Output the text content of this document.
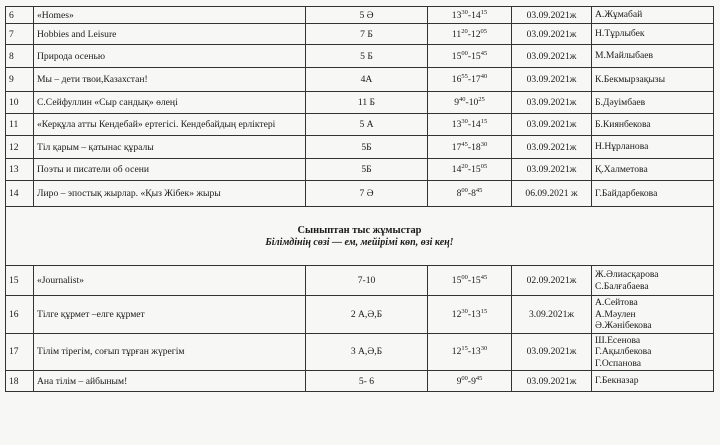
6	«Homes»	5 Ә	$13^{30}-14^{15}$	03.09.2021ж	А.Жұмабай

7	Hobbies and Leisure	7 Б	$11^{20}-12^{05}$	03.09.2021ж	Н.Тұрлыбек

8	Природа осенью	5 Б	$15^{00}-15^{45}$	03.09.2021ж	М.Майлыбаев

9	Мы – дети твои,Казахстан!	4А	$16^{55}-17^{40}$	03.09.2021ж	К.Бекмырзақызы

10	С.Сейфуллин «Сыр сандық» өлеңі	11 Б	$9^{40}-10^{25}$	03.09.2021ж	Б.Дәуімбаев

11	«Керқұла атты Кендебай» ертегісі. Кендебайдың ерліктері	5 А	$13^{30}-14^{15}$	03.09.2021ж	Б.Киянбекова

12	Тіл қарым – қатынас құралы	5Б	$17^{45}-18^{30}$	03.09.2021ж	Н.Нұрланова

13	Поэты и писатели об осени	5Б	$14^{20}-15^{05}$	03.09.2021ж	Қ.Халметова

14	Лиро – эпостық жырлар. «Қыз Жібек» жыры	7 Ә	$8^{00}-8^{45}$	06.09.2021 ж	Г.Байдарбекова

Сыныптан тыс жұмыстар
Білімдінің сөзі — ем, мейірімі көп, өзі кең!					

15	«Journalist»	7-10	$15^{00}-15^{45}$	02.09.2021ж	Ж.Әлиасқарова
С.Балғабаева

16	Тілге құрмет –елге құрмет	2 А,Ә,Б	$12^{30}-13^{15}$	3.09.2021ж	А.Сейтова
А.Мәулен
Ә.Жәнібекова

17	Тілім тірегім, соғып тұрған жүрегім	3 А,Ә,Б	$12^{15}-13^{30}$	03.09.2021ж	Ш.Есенова
Г.Ақылбекова
Г.Оспанова

18	Ана тілім – айбыным!	5- 6	$9^{00}-9^{45}$	03.09.2021ж	Г.Бекназар
